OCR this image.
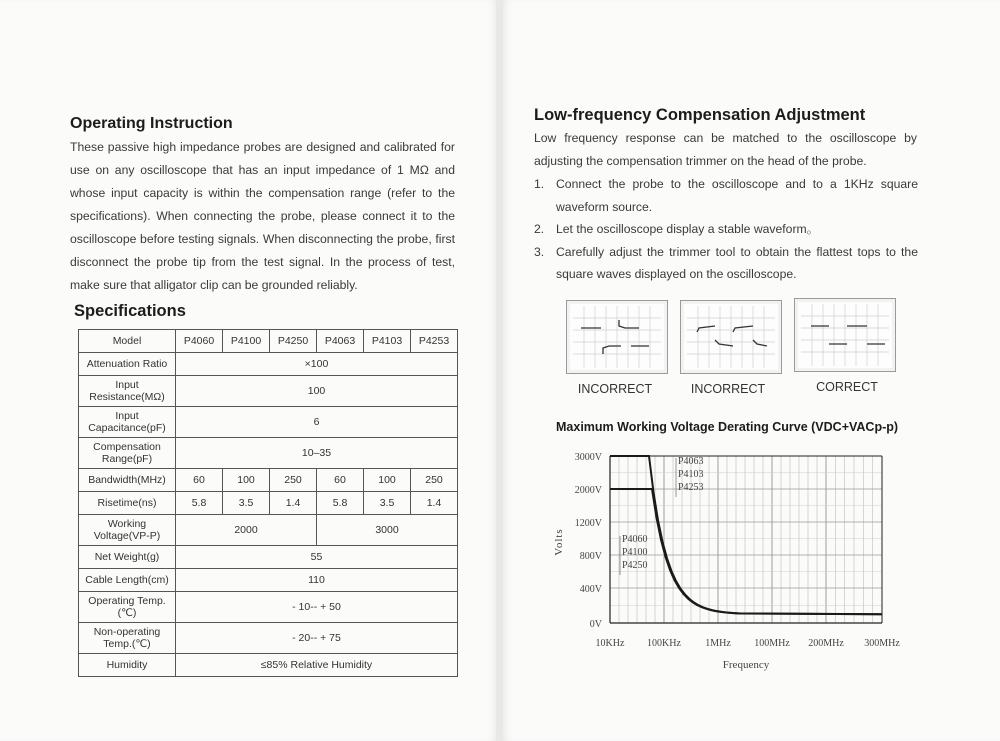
Operating Instruction

These passive high impedance probes are designed and calibrated for use on any oscilloscope that has an input impedance of 1 MΩ and whose input capacity is within the compensation range (refer to the specifications). When connecting the probe, please connect it to the oscilloscope before testing signals. When disconnecting the probe, first disconnect the probe tip from the test signal. In the process of test, make sure that alligator clip can be grounded reliably.

Specifications
Model	P4060	P4100	P4250	P4063	P4103	P4253
Attenuation Ratio	×100					
Input Resistance(MΩ)	100					
Input Capacitance(pF)	6					
Compensation Range(pF)	10–35					
Bandwidth(MHz)	60	100	250	60	100	250
Risetime(ns)	5.8	3.5	1.4	5.8	3.5	1.4
Working Voltage(VP-P)	2000			3000		
Net Weight(g)	55					
Cable Length(cm)	110					
Operating Temp.(℃)	- 10-- + 50					
Non-operating Temp.(℃)	- 20-- + 75					
Humidity	≤85% Relative Humidity					
Low-frequency Compensation Adjustment

Low frequency response can be matched to the oscilloscope by adjusting the compensation trimmer on the head of the probe.

1. Connect the probe to the oscilloscope and to a 1KHz square waveform source.
2. Let the oscilloscope display a stable waveform。
3. Carefully adjust the trimmer tool to obtain the flattest tops to the square waves displayed on the oscilloscope.
INCORRECT	INCORRECT	CORRECT
Maximum Working Voltage Derating Curve (VDC+VACp-p)
0V
400V
800V
1200V
2000V
3000V
10KHz 100KHz 1MHz 100MHz 200MHz 300MHz
P4063
P4103
P4253
P4060
P4100
P4250
Volts
Frequency
